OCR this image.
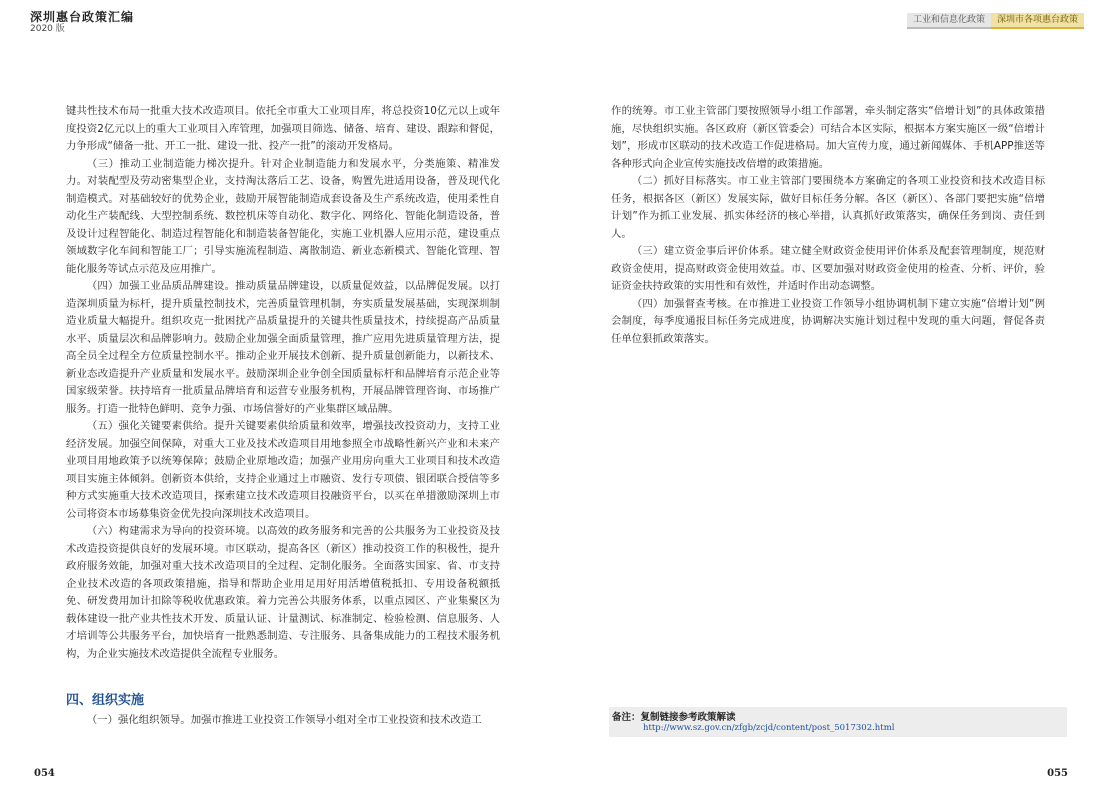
深圳惠台政策汇编
2020 版
工业和信息化政策	深圳市各项惠台政策

键共性技术布局一批重大技术改造项目。依托全市重大工业项目库，将总投资10亿元以上或年度投资2亿元以上的重大工业项目入库管理，加强项目筛选、储备、培育、建设、跟踪和督促，力争形成“储备一批、开工一批、建设一批、投产一批”的滚动开发格局。

（三）推动工业制造能力梯次提升。针对企业制造能力和发展水平，分类施策、精准发力。对装配型及劳动密集型企业，支持淘汰落后工艺、设备，购置先进适用设备，普及现代化制造模式。对基础较好的优势企业，鼓励开展智能制造成套设备及生产系统改造，使用柔性自动化生产装配线、大型控制系统、数控机床等自动化、数字化、网络化、智能化制造设备，普及设计过程智能化、制造过程智能化和制造装备智能化，实施工业机器人应用示范，建设重点领域数字化车间和智能工厂；引导实施流程制造、离散制造、新业态新模式、智能化管理、智能化服务等试点示范及应用推广。

（四）加强工业品质品牌建设。推动质量品牌建设，以质量促效益，以品牌促发展。以打造深圳质量为标杆，提升质量控制技术，完善质量管理机制，夯实质量发展基础，实现深圳制造业质量大幅提升。组织攻克一批困扰产品质量提升的关键共性质量技术，持续提高产品质量水平、质量层次和品牌影响力。鼓励企业加强全面质量管理，推广应用先进质量管理方法，提高全员全过程全方位质量控制水平。推动企业开展技术创新、提升质量创新能力，以新技术、新业态改造提升产业质量和发展水平。鼓励深圳企业争创全国质量标杆和品牌培育示范企业等国家级荣誉。扶持培育一批质量品牌培育和运营专业服务机构，开展品牌管理咨询、市场推广服务。打造一批特色鲜明、竞争力强、市场信誉好的产业集群区域品牌。

（五）强化关键要素供给。提升关键要素供给质量和效率，增强技改投资动力，支持工业经济发展。加强空间保障，对重大工业及技术改造项目用地参照全市战略性新兴产业和未来产业项目用地政策予以统筹保障；鼓励企业原地改造；加强产业用房向重大工业项目和技术改造项目实施主体倾斜。创新资本供给，支持企业通过上市融资、发行专项债、银团联合授信等多种方式实施重大技术改造项目，探索建立技术改造项目投融资平台，以买在单措激励深圳上市公司将资本市场募集资金优先投向深圳技术改造项目。

（六）构建需求为导向的投资环境。以高效的政务服务和完善的公共服务为工业投资及技术改造投资提供良好的发展环境。市区联动，提高各区（新区）推动投资工作的积极性，提升政府服务效能，加强对重大技术改造项目的全过程、定制化服务。全面落实国家、省、市支持企业技术改造的各项政策措施，指导和帮助企业用足用好用活增值税抵扣、专用设备税额抵免、研发费用加计扣除等税收优惠政策。着力完善公共服务体系，以重点园区、产业集聚区为载体建设一批产业共性技术开发、质量认证、计量测试、标准制定、检验检测、信息服务、人才培训等公共服务平台，加快培育一批熟悉制造、专注服务、具备集成能力的工程技术服务机构，为企业实施技术改造提供全流程专业服务。

四、组织实施

（一）强化组织领导。加强市推进工业投资工作领导小组对全市工业投资和技术改造工

作的统筹。市工业主管部门要按照领导小组工作部署，牵头制定落实“倍增计划”的具体政策措施，尽快组织实施。各区政府（新区管委会）可结合本区实际，根据本方案实施区一级“倍增计划”，形成市区联动的技术改造工作促进格局。加大宣传力度，通过新闻媒体、手机APP推送等各种形式向企业宣传实施技改倍增的政策措施。

（二）抓好目标落实。市工业主管部门要围绕本方案确定的各项工业投资和技术改造目标任务，根据各区（新区）发展实际，做好目标任务分解。各区（新区）、各部门要把实施“倍增计划”作为抓工业发展、抓实体经济的核心举措，认真抓好政策落实，确保任务到岗、责任到人。

（三）建立资金事后评价体系。建立健全财政资金使用评价体系及配套管理制度，规范财政资金使用，提高财政资金使用效益。市、区要加强对财政资金使用的检查、分析、评价，验证资金扶持政策的实用性和有效性，并适时作出动态调整。

（四）加强督查考核。在市推进工业投资工作领导小组协调机制下建立实施“倍增计划”例会制度，每季度通报目标任务完成进度，协调解决实施计划过程中发现的重大问题，督促各责任单位狠抓政策落实。

备注：复制链接参考政策解读
http://www.sz.gov.cn/zfgb/zcjd/content/post_5017302.html
054	055
